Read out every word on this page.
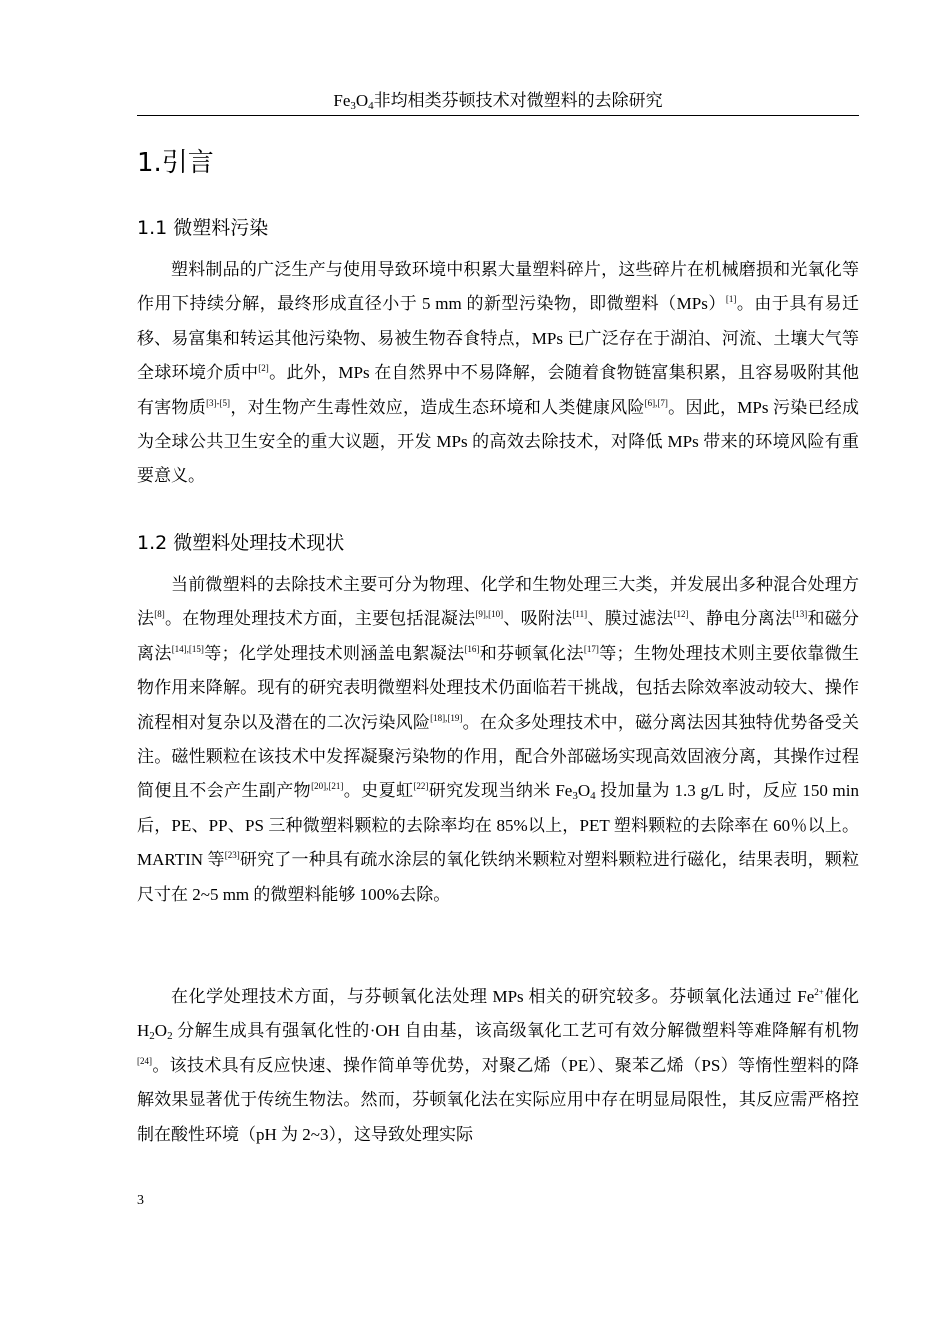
$Fe_3O_4$非均相类芬顿技术对微塑料的去除研究
1.引言
1.1 微塑料污染

塑料制品的广泛生产与使用导致环境中积累大量塑料碎片，这些碎片在机械磨损和光氧化等作用下持续分解，最终形成直径小于 5 mm 的新型污染物，即微塑料（MPs）[1]。由于具有易迁移、易富集和转运其他污染物、易被生物吞食特点，MPs 已广泛存在于湖泊、河流、土壤大气等全球环境介质中[2]。此外，MPs 在自然界中不易降解，会随着食物链富集积累，且容易吸附其他有害物质[3]-[5]，对生物产生毒性效应，造成生态环境和人类健康风险[6],[7]。因此，MPs 污染已经成为全球公共卫生安全的重大议题，开发 MPs 的高效去除技术，对降低 MPs 带来的环境风险有重要意义。

1.2 微塑料处理技术现状

当前微塑料的去除技术主要可分为物理、化学和生物处理三大类，并发展出多种混合处理方法[8]。在物理处理技术方面，主要包括混凝法[9],[10]、吸附法[11]、膜过滤法[12]、静电分离法[13]和磁分离法[14],[15]等；化学处理技术则涵盖电絮凝法[16]和芬顿氧化法[17]等；生物处理技术则主要依靠微生物作用来降解。现有的研究表明微塑料处理技术仍面临若干挑战，包括去除效率波动较大、操作流程相对复杂以及潜在的二次污染风险[18],[19]。在众多处理技术中，磁分离法因其独特优势备受关注。磁性颗粒在该技术中发挥凝聚污染物的作用，配合外部磁场实现高效固液分离，其操作过程简便且不会产生副产物[20],[21]。史夏虹[22]研究发现当纳米 $Fe_3O_4$ 投加量为 1.3 g/L 时，反应 150 min 后，PE、PP、PS 三种微塑料颗粒的去除率均在 85%以上，PET 塑料颗粒的去除率在 60％以上。MARTIN 等[23]研究了一种具有疏水涂层的氧化铁纳米颗粒对塑料颗粒进行磁化，结果表明，颗粒尺寸在 2~5 mm 的微塑料能够 100%去除。

在化学处理技术方面，与芬顿氧化法处理 MPs 相关的研究较多。芬顿氧化法通过 $Fe^{2+}$催化 $H_2O_2$ 分解生成具有强氧化性的·OH 自由基，该高级氧化工艺可有效分解微塑料等难降解有机物[24]。该技术具有反应快速、操作简单等优势，对聚乙烯（PE）、聚苯乙烯（PS）等惰性塑料的降解效果显著优于传统生物法。然而，芬顿氧化法在实际应用中存在明显局限性，其反应需严格控制在酸性环境（pH 为 2~3），这导致处理实际

3
